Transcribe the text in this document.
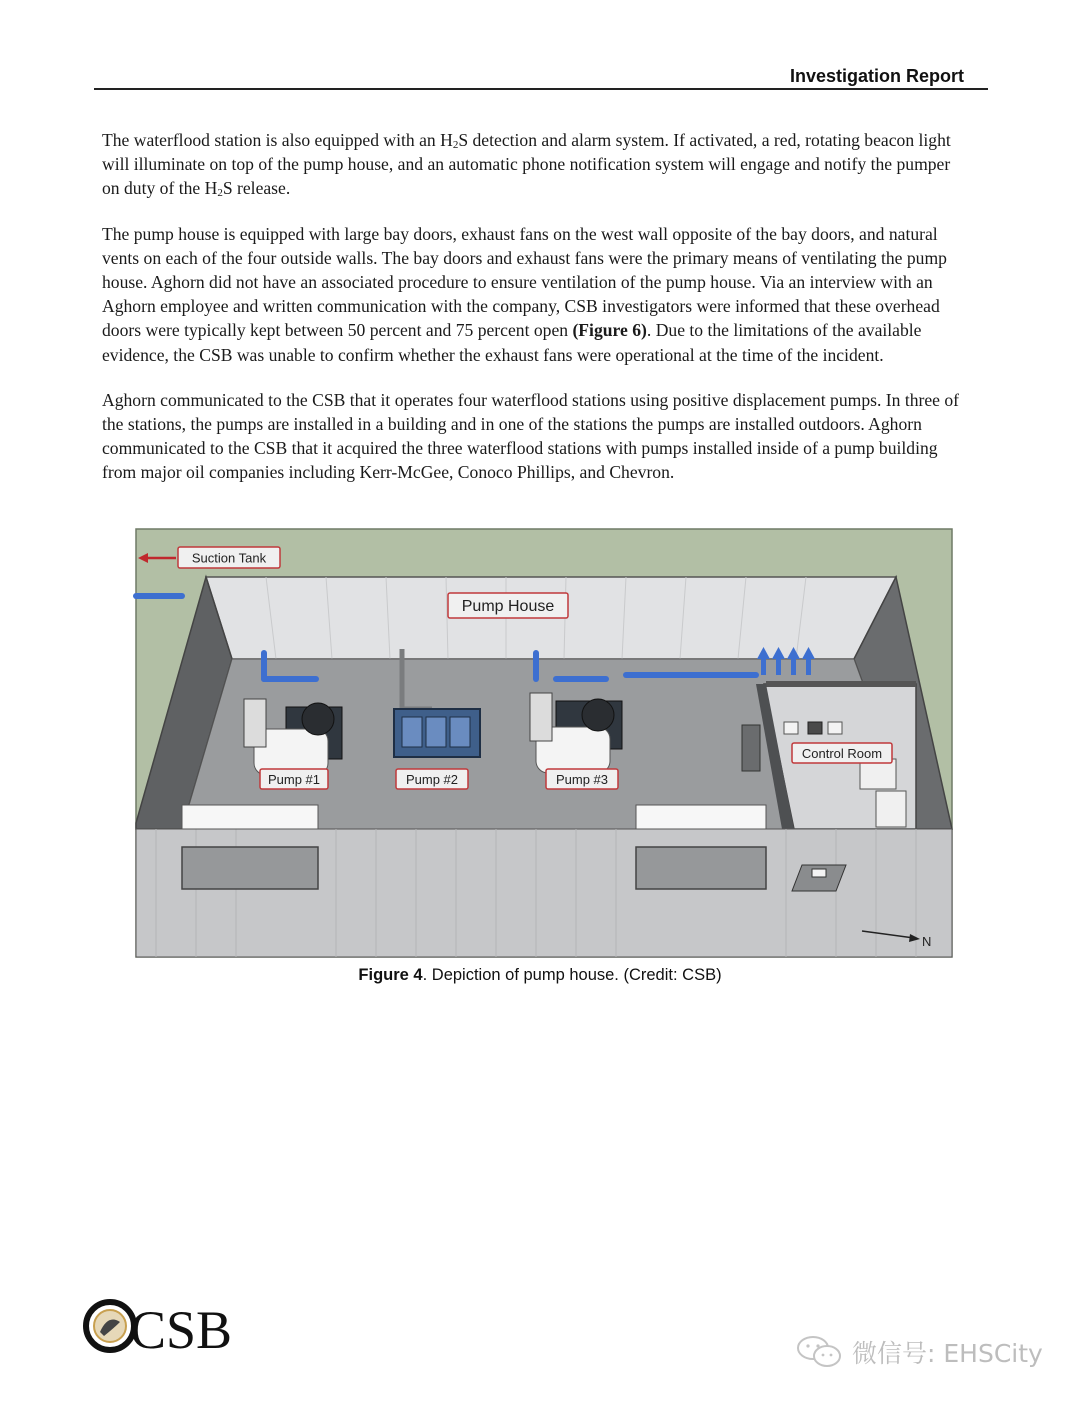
Investigation Report

The waterflood station is also equipped with an $H_2S$ detection and alarm system. If activated, a red, rotating beacon light will illuminate on top of the pump house, and an automatic phone notification system will engage and notify the pumper on duty of the $H_2S$ release.

The pump house is equipped with large bay doors, exhaust fans on the west wall opposite of the bay doors, and natural vents on each of the four outside walls. The bay doors and exhaust fans were the primary means of ventilating the pump house. Aghorn did not have an associated procedure to ensure ventilation of the pump house. Via an interview with an Aghorn employee and written communication with the company, CSB investigators were informed that these overhead doors were typically kept between 50 percent and 75 percent open (Figure 6). Due to the limitations of the available evidence, the CSB was unable to confirm whether the exhaust fans were operational at the time of the incident.

Aghorn communicated to the CSB that it operates four waterflood stations using positive displacement pumps. In three of the stations, the pumps are installed in a building and in one of the stations the pumps are installed outdoors. Aghorn communicated to the CSB that it acquired the three waterflood stations with pumps installed inside of a pump building from major oil companies including Kerr-McGee, Conoco Phillips, and Chevron.

Suction Tank
Pump House
Control Room
Pump #1	Pump #2	Pump #3
N
Figure 4. Depiction of pump house. (Credit: CSB)
CSB	微信号: EHSCity
